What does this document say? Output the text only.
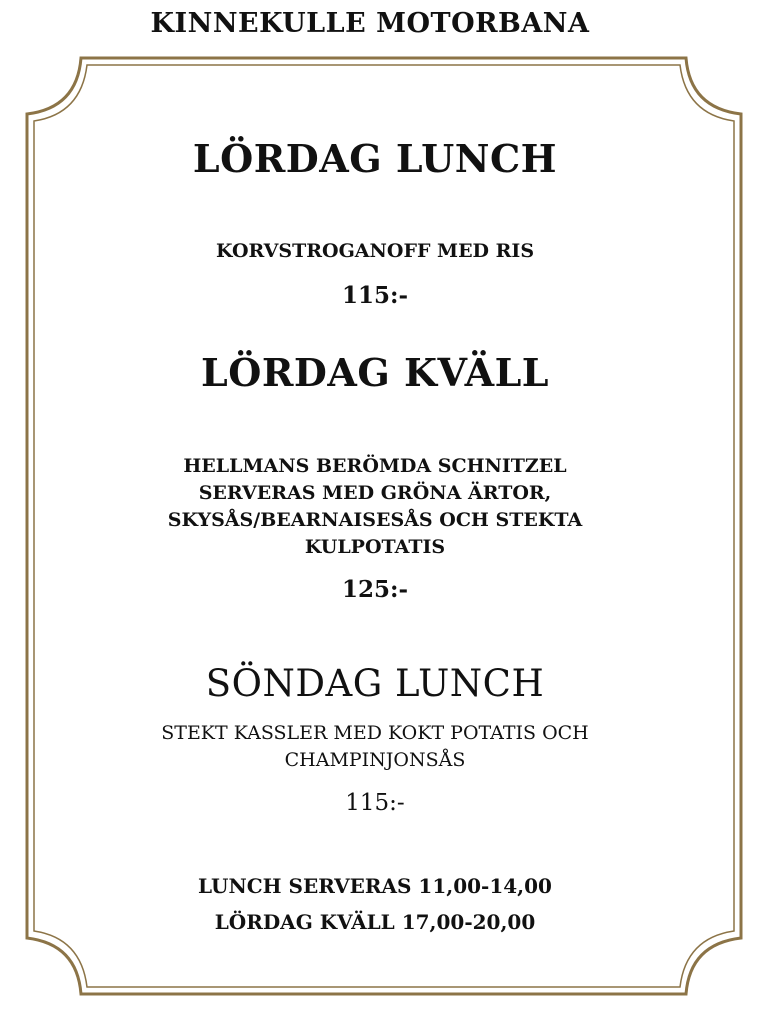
KINNEKULLE MOTORBANA
LÖRDAG LUNCH
KORVSTROGANOFF MED RIS
115:-
LÖRDAG KVÄLL
HELLMANS BERÖMDA SCHNITZEL
SERVERAS MED GRÖNA ÄRTOR,
SKYSÅS/BEARNAISESÅS OCH STEKTA
KULPOTATIS
125:-
SÖNDAG LUNCH
STEKT KASSLER MED KOKT POTATIS OCH
CHAMPINJONSÅS
115:-
LUNCH SERVERAS 11,00-14,00
LÖRDAG KVÄLL 17,00-20,00
